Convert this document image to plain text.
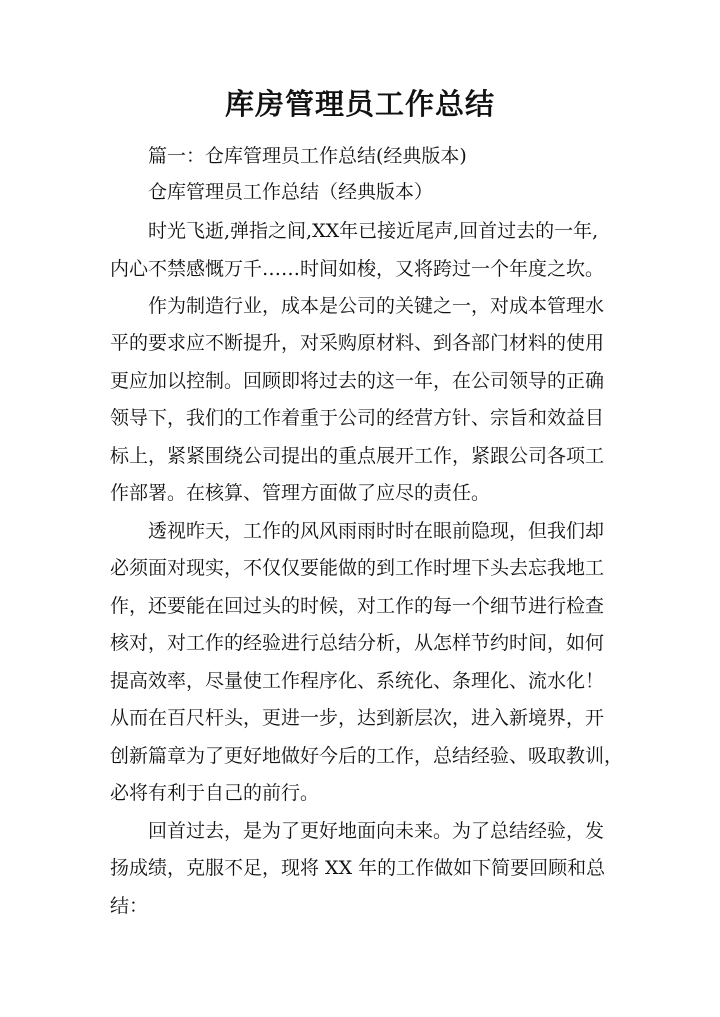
库房管理员工作总结

篇一：仓库管理员工作总结(经典版本)

仓库管理员工作总结（经典版本）

时光飞逝,弹指之间,XX年已接近尾声,回首过去的一年,

内心不禁感慨万千……时间如梭，又将跨过一个年度之坎。

作为制造行业，成本是公司的关键之一，对成本管理水

平的要求应不断提升，对采购原材料、到各部门材料的使用

更应加以控制。回顾即将过去的这一年，在公司领导的正确

领导下，我们的工作着重于公司的经营方针、宗旨和效益目

标上，紧紧围绕公司提出的重点展开工作，紧跟公司各项工

作部署。在核算、管理方面做了应尽的责任。

透视昨天，工作的风风雨雨时时在眼前隐现，但我们却

必须面对现实，不仅仅要能做的到工作时埋下头去忘我地工

作，还要能在回过头的时候，对工作的每一个细节进行检查

核对，对工作的经验进行总结分析，从怎样节约时间，如何

提高效率，尽量使工作程序化、系统化、条理化、流水化！

从而在百尺杆头，更进一步，达到新层次，进入新境界，开

创新篇章为了更好地做好今后的工作，总结经验、吸取教训，

必将有利于自己的前行。

回首过去，是为了更好地面向未来。为了总结经验，发

扬成绩，克服不足，现将 XX 年的工作做如下简要回顾和总

结：
